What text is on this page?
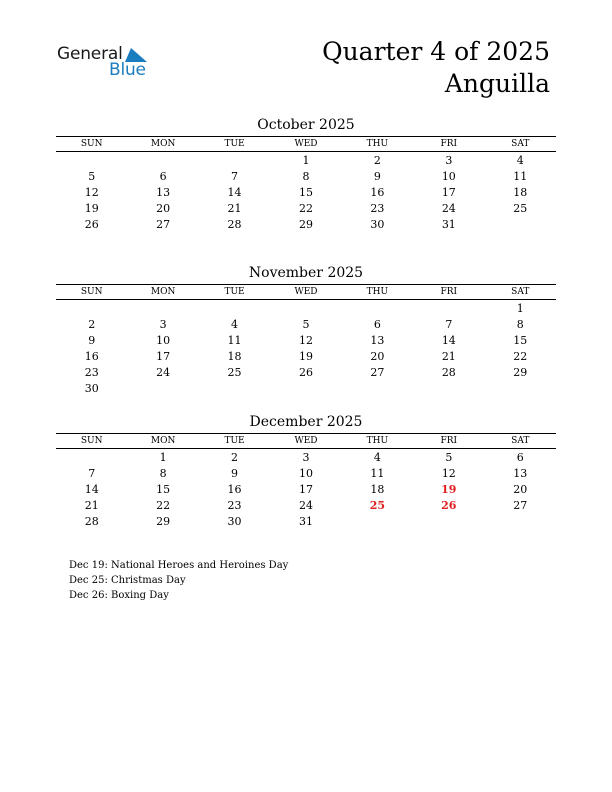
General
Blue
Quarter 4 of 2025
Anguilla
October 2025
SUN	MON	TUE	WED	THU	FRI	SAT
			1	2	3	4
5	6	7	8	9	10	11
12	13	14	15	16	17	18
19	20	21	22	23	24	25
26	27	28	29	30	31	
November 2025
SUN	MON	TUE	WED	THU	FRI	SAT
						1
2	3	4	5	6	7	8
9	10	11	12	13	14	15
16	17	18	19	20	21	22
23	24	25	26	27	28	29
30						
December 2025
SUN	MON	TUE	WED	THU	FRI	SAT
	1	2	3	4	5	6
7	8	9	10	11	12	13
14	15	16	17	18	19	20
21	22	23	24	25	26	27
28	29	30	31			
Dec 19: National Heroes and Heroines Day
Dec 25: Christmas Day
Dec 26: Boxing Day
